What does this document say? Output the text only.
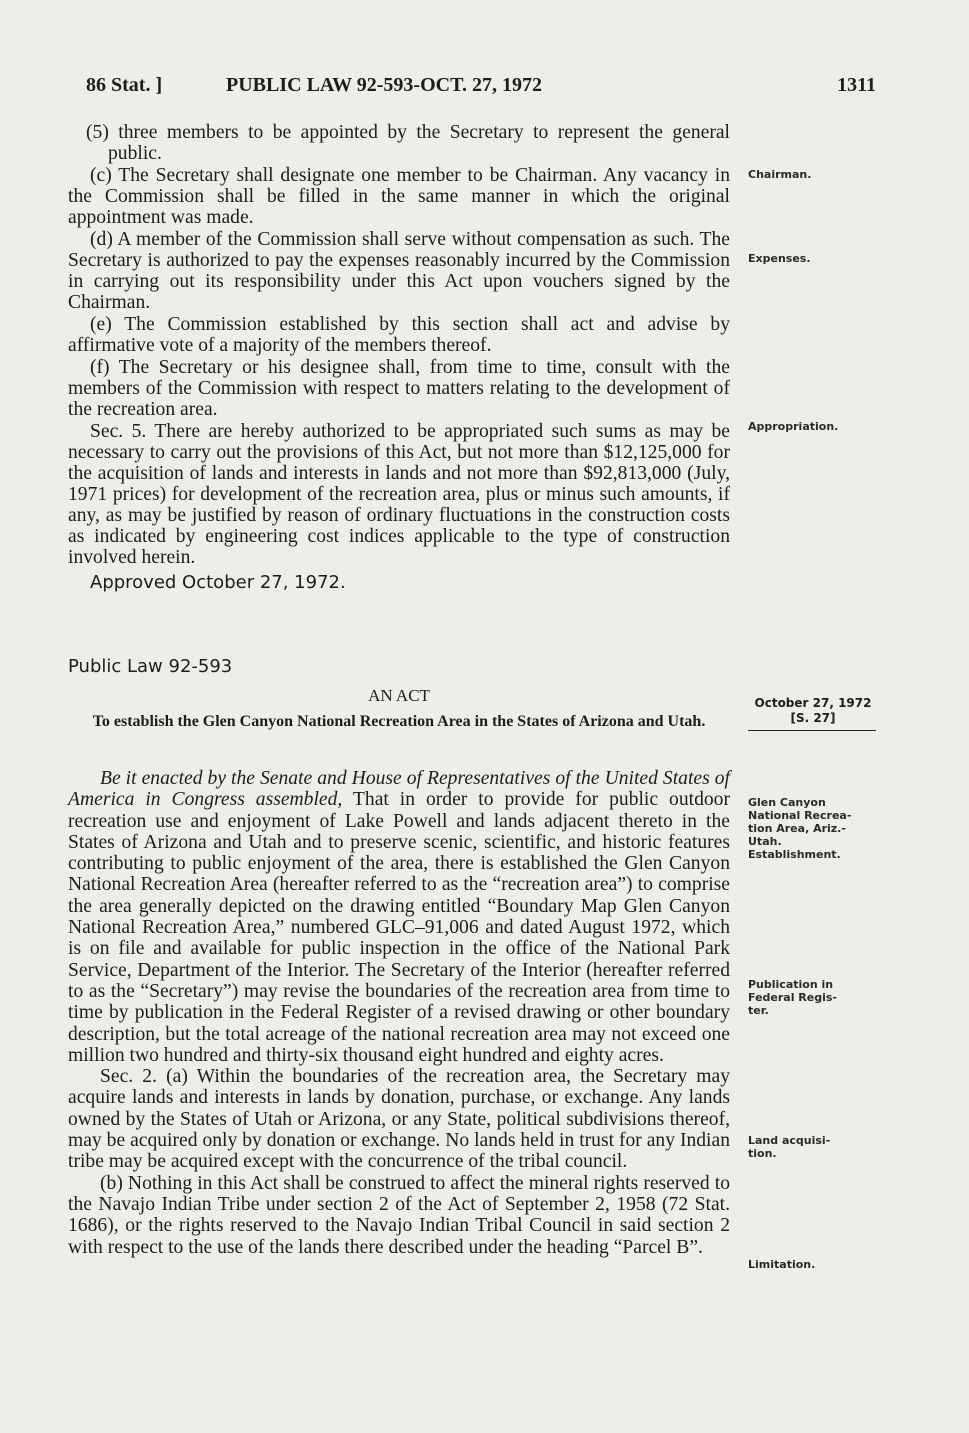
86 Stat. ]	PUBLIC LAW 92-593-OCT. 27, 1972	1311

(5) three members to be appointed by the Secretary to represent the general public.

(c) The Secretary shall designate one member to be Chairman. Any vacancy in the Commission shall be filled in the same manner in which the original appointment was made.

(d) A member of the Commission shall serve without compensation as such. The Secretary is authorized to pay the expenses reasonably incurred by the Commission in carrying out its responsibility under this Act upon vouchers signed by the Chairman.

(e) The Commission established by this section shall act and advise by affirmative vote of a majority of the members thereof.

(f) The Secretary or his designee shall, from time to time, consult with the members of the Commission with respect to matters relating to the development of the recreation area.

Sec. 5. There are hereby authorized to be appropriated such sums as may be necessary to carry out the provisions of this Act, but not more than $12,125,000 for the acquisition of lands and interests in lands and not more than $92,813,000 (July, 1971 prices) for development of the recreation area, plus or minus such amounts, if any, as may be justified by reason of ordinary fluctuations in the construction costs as indicated by engineering cost indices applicable to the type of construction involved herein.

Approved October 27, 1972.

Public Law 92-593
AN ACT
To establish the Glen Canyon National Recreation Area in the States of Arizona and Utah.

Be it enacted by the Senate and House of Representatives of the United States of America in Congress assembled, That in order to provide for public outdoor recreation use and enjoyment of Lake Powell and lands adjacent thereto in the States of Arizona and Utah and to preserve scenic, scientific, and historic features contributing to public enjoyment of the area, there is established the Glen Canyon National Recreation Area (hereafter referred to as the “recreation area”) to comprise the area generally depicted on the drawing entitled “Boundary Map Glen Canyon National Recreation Area,” numbered GLC–91,006 and dated August 1972, which is on file and available for public inspection in the office of the National Park Service, Department of the Interior. The Secretary of the Interior (hereafter referred to as the “Secretary”) may revise the boundaries of the recreation area from time to time by publication in the Federal Register of a revised drawing or other boundary description, but the total acreage of the national recreation area may not exceed one million two hundred and thirty-six thousand eight hundred and eighty acres.

Sec. 2. (a) Within the boundaries of the recreation area, the Secretary may acquire lands and interests in lands by donation, purchase, or exchange. Any lands owned by the States of Utah or Arizona, or any State, political subdivisions thereof, may be acquired only by donation or exchange. No lands held in trust for any Indian tribe may be acquired except with the concurrence of the tribal council.

(b) Nothing in this Act shall be construed to affect the mineral rights reserved to the Navajo Indian Tribe under section 2 of the Act of September 2, 1958 (72 Stat. 1686), or the rights reserved to the Navajo Indian Tribal Council in said section 2 with respect to the use of the lands there described under the heading “Parcel B”.

Chairman.
Expenses.
Appropriation.
October 27, 1972
[S. 27]
Glen Canyon
National Recrea-
tion Area, Ariz.-
Utah.
Establishment.
Publication in
Federal Regis-
ter.
Land acquisi-
tion.
Limitation.
